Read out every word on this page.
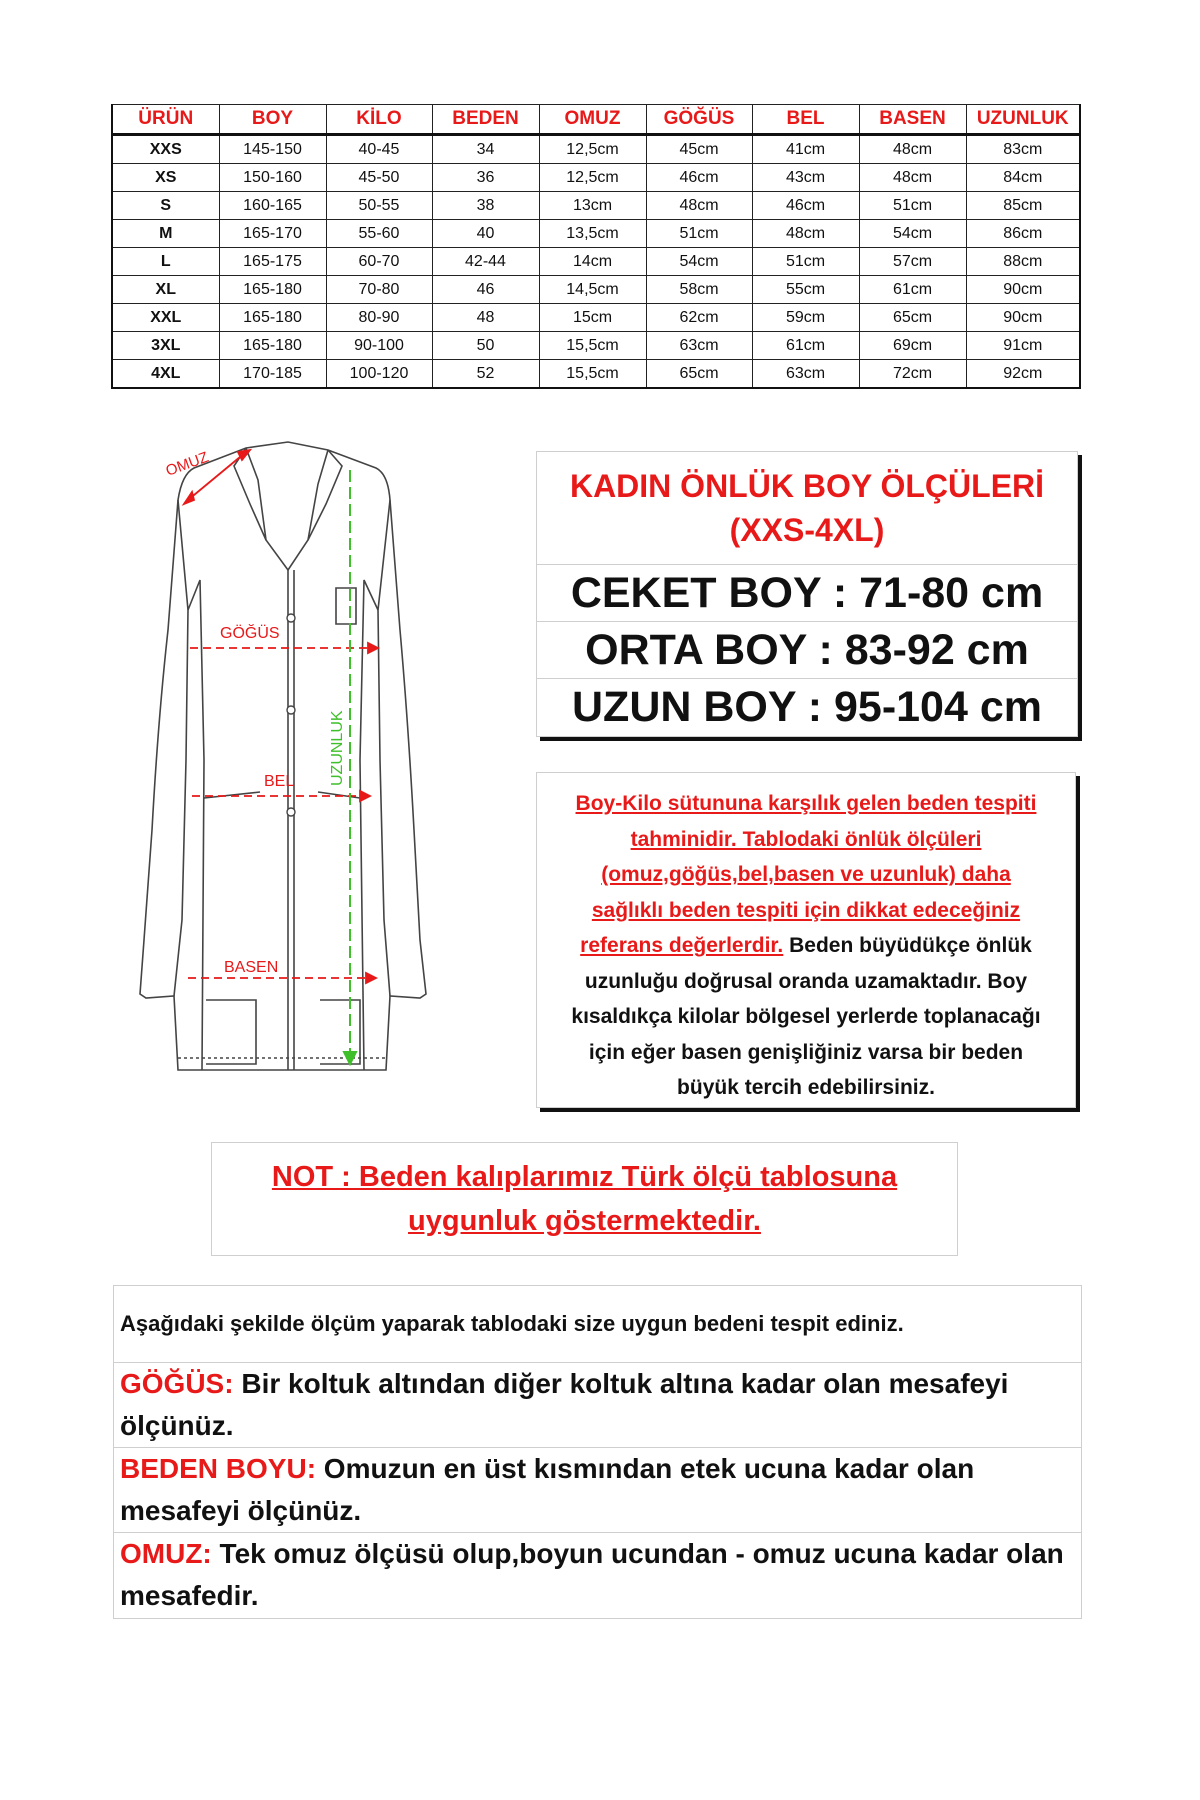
ÜRÜN	BOY	KİLO	BEDEN	OMUZ	GÖĞÜS	BEL	BASEN	UZUNLUK
XXS	145-150	40-45	34	12,5cm	45cm	41cm	48cm	83cm
XS	150-160	45-50	36	12,5cm	46cm	43cm	48cm	84cm
S	160-165	50-55	38	13cm	48cm	46cm	51cm	85cm
M	165-170	55-60	40	13,5cm	51cm	48cm	54cm	86cm
L	165-175	60-70	42-44	14cm	54cm	51cm	57cm	88cm
XL	165-180	70-80	46	14,5cm	58cm	55cm	61cm	90cm
XXL	165-180	80-90	48	15cm	62cm	59cm	65cm	90cm
3XL	165-180	90-100	50	15,5cm	63cm	61cm	69cm	91cm
4XL	170-185	100-120	52	15,5cm	65cm	63cm	72cm	92cm
OMUZ
GÖĞÜS
BEL
BASEN
UZUNLUK
KADIN ÖNLÜK BOY ÖLÇÜLERİ
(XXS-4XL)
CEKET BOY : 71-80 cm
ORTA BOY : 83-92 cm
UZUN BOY : 95-104 cm
Boy-Kilo sütununa karşılık gelen beden tespiti
tahminidir. Tablodaki önlük ölçüleri
(omuz,göğüs,bel,basen ve uzunluk) daha
sağlıklı beden tespiti için dikkat edeceğiniz
referans değerlerdir. Beden büyüdükçe önlük
uzunluğu doğrusal oranda uzamaktadır. Boy
kısaldıkça kilolar bölgesel yerlerde toplanacağı
için eğer basen genişliğiniz varsa bir beden
büyük tercih edebilirsiniz.
NOT : Beden kalıplarımız Türk ölçü tablosuna
uygunluk göstermektedir.
Aşağıdaki şekilde ölçüm yaparak tablodaki size uygun bedeni tespit ediniz.
GÖĞÜS: Bir koltuk altından diğer koltuk altına kadar olan mesafeyi ölçünüz.
BEDEN BOYU: Omuzun en üst kısmından etek ucuna kadar olan mesafeyi ölçünüz.
OMUZ: Tek omuz ölçüsü olup,boyun ucundan - omuz ucuna kadar olan mesafedir.
